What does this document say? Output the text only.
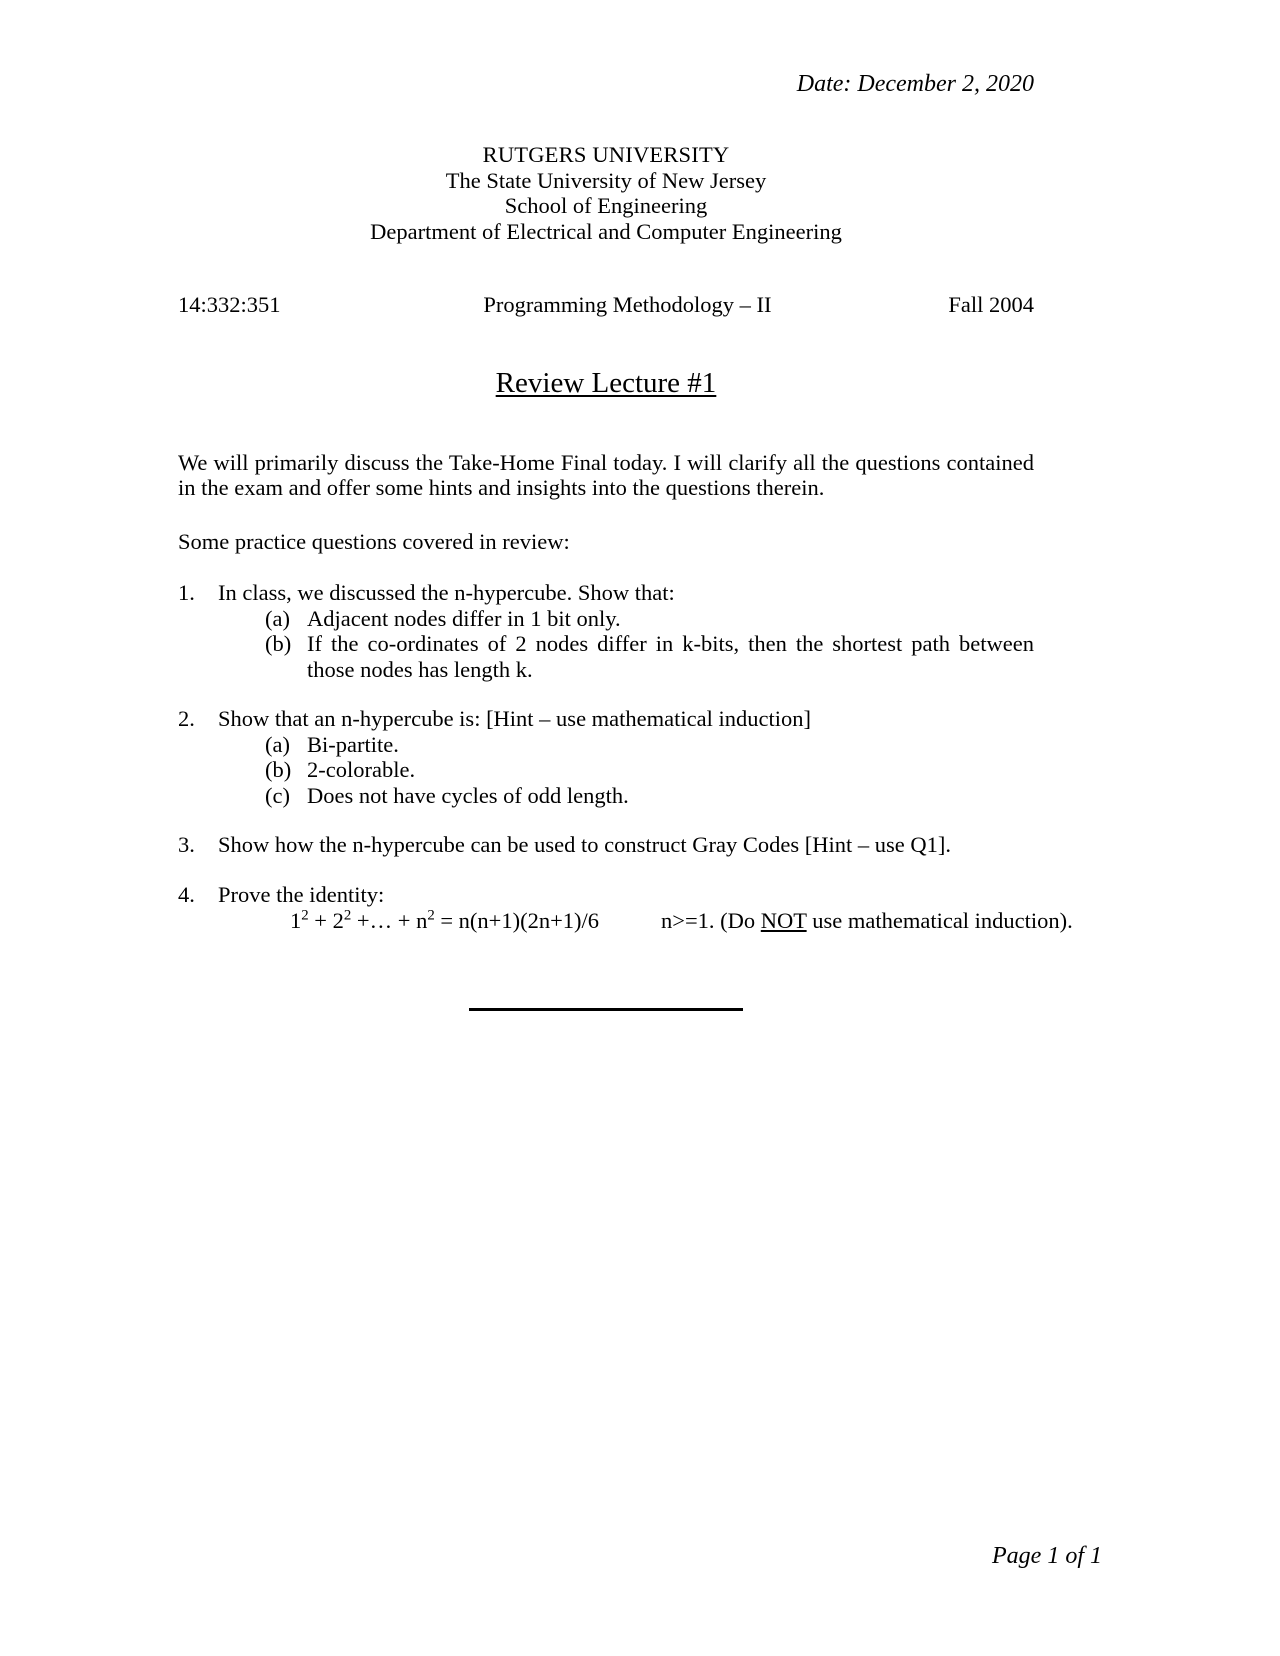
Date: December 2, 2020
RUTGERS UNIVERSITY
The State University of New Jersey
School of Engineering
Department of Electrical and Computer Engineering
14:332:351	Programming Methodology – II	Fall 2004
Review Lecture #1
We will primarily discuss the Take-Home Final today. I will clarify all the questions contained in the exam and offer some hints and insights into the questions therein.
Some practice questions covered in review:
1.	In class, we discussed the n-hypercube. Show that:
(a) Adjacent nodes differ in 1 bit only.
(b) If the co-ordinates of 2 nodes differ in k-bits, then the shortest path between those nodes has length k.
2.	Show that an n-hypercube is: [Hint – use mathematical induction]
(a) Bi-partite.
(b) 2-colorable.
(c) Does not have cycles of odd length.
3.	Show how the n-hypercube can be used to construct Gray Codes [Hint – use Q1].
4.	Prove the identity:
$1^2 + 2^2$ +… + $n^2 = n(n+1)(2n+1)/6$	n>=1. (Do NOT use mathematical induction).
Page 1 of 1
